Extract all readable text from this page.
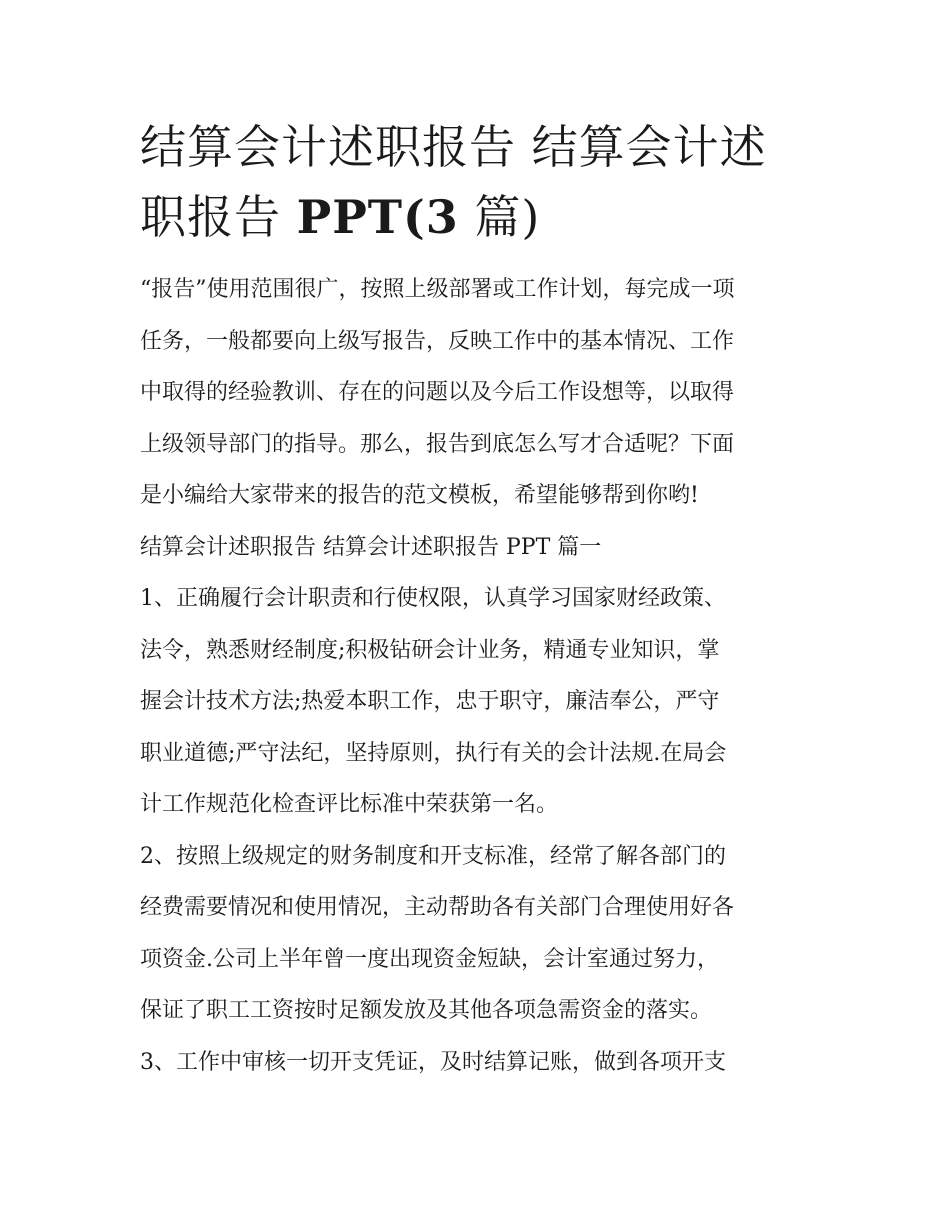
结算会计述职报告 结算会计述
职报告 PPT(3 篇)

“报告”使用范围很广，按照上级部署或工作计划，每完成一项
任务，一般都要向上级写报告，反映工作中的基本情况、工作
中取得的经验教训、存在的问题以及今后工作设想等，以取得
上级领导部门的指导。那么，报告到底怎么写才合适呢？下面
是小编给大家带来的报告的范文模板，希望能够帮到你哟!

结算会计述职报告 结算会计述职报告 PPT 篇一

1、正确履行会计职责和行使权限，认真学习国家财经政策、
法令，熟悉财经制度;积极钻研会计业务，精通专业知识，掌
握会计技术方法;热爱本职工作，忠于职守，廉洁奉公，严守
职业道德;严守法纪，坚持原则，执行有关的会计法规.在局会
计工作规范化检查评比标准中荣获第一名。

2、按照上级规定的财务制度和开支标准，经常了解各部门的
经费需要情况和使用情况，主动帮助各有关部门合理使用好各
项资金.公司上半年曾一度出现资金短缺，会计室通过努力，
保证了职工工资按时足额发放及其他各项急需资金的落实。

3、工作中审核一切开支凭证，及时结算记账，做到各项开支
